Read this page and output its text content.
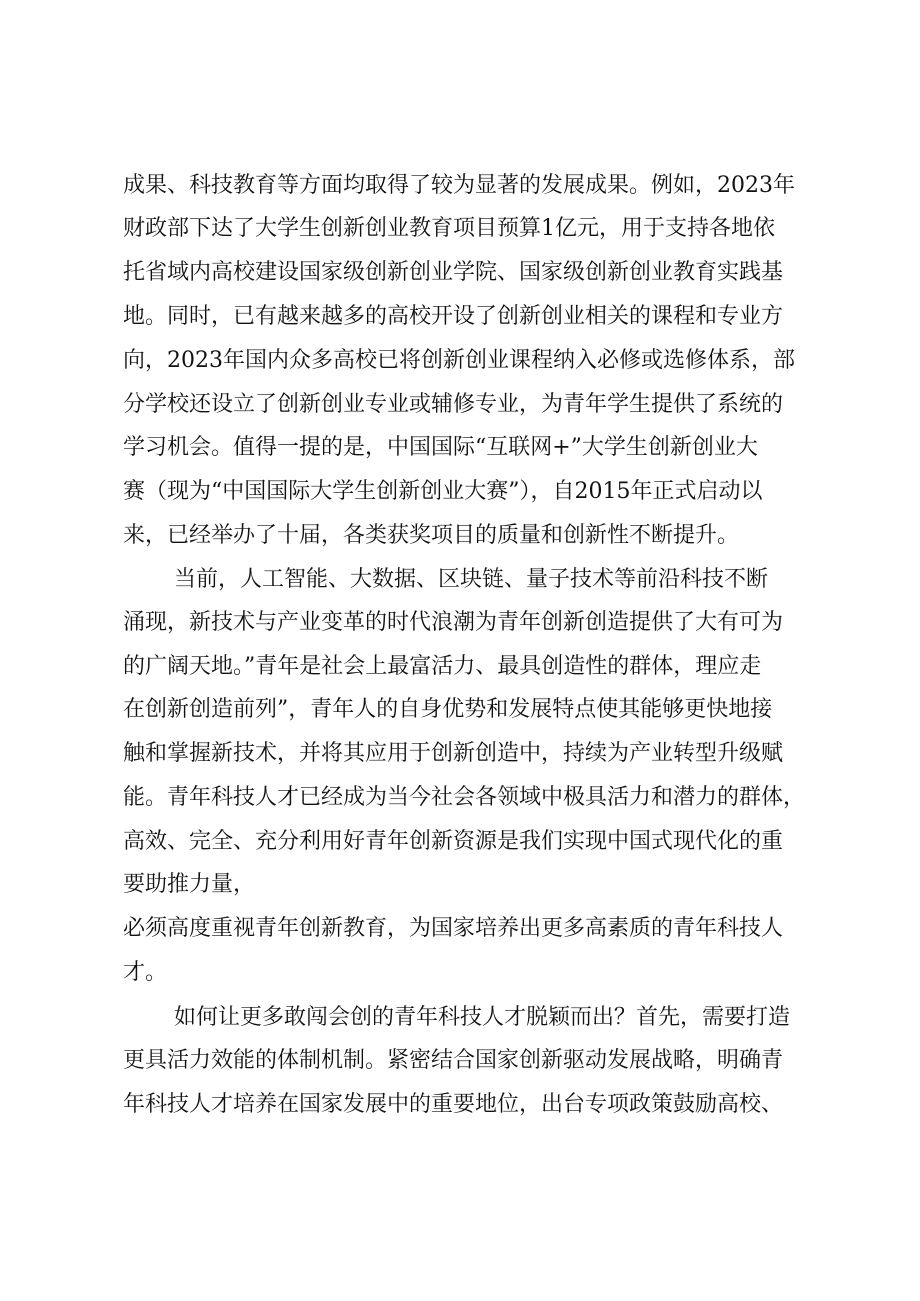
成果、科技教育等方面均取得了较为显著的发展成果。例如，2023年
财政部下达了大学生创新创业教育项目预算1亿元，用于支持各地依
托省域内高校建设国家级创新创业学院、国家级创新创业教育实践基
地。同时，已有越来越多的高校开设了创新创业相关的课程和专业方
向，2023年国内众多高校已将创新创业课程纳入必修或选修体系，部
分学校还设立了创新创业专业或辅修专业，为青年学生提供了系统的
学习机会。值得一提的是，中国国际“互联网+”大学生创新创业大
赛（现为“中国国际大学生创新创业大赛”），自2015年正式启动以
来，已经举办了十届，各类获奖项目的质量和创新性不断提升。
当前，人工智能、大数据、区块链、量子技术等前沿科技不断
涌现，新技术与产业变革的时代浪潮为青年创新创造提供了大有可为
的广阔天地。”青年是社会上最富活力、最具创造性的群体，理应走
在创新创造前列”，青年人的自身优势和发展特点使其能够更快地接
触和掌握新技术，并将其应用于创新创造中，持续为产业转型升级赋
能。青年科技人才已经成为当今社会各领域中极具活力和潜力的群体，
高效、完全、充分利用好青年创新资源是我们实现中国式现代化的重
要助推力量，
必须高度重视青年创新教育，为国家培养出更多高素质的青年科技人
才。
如何让更多敢闯会创的青年科技人才脱颖而出？首先，需要打造
更具活力效能的体制机制。紧密结合国家创新驱动发展战略，明确青
年科技人才培养在国家发展中的重要地位，出台专项政策鼓励高校、
